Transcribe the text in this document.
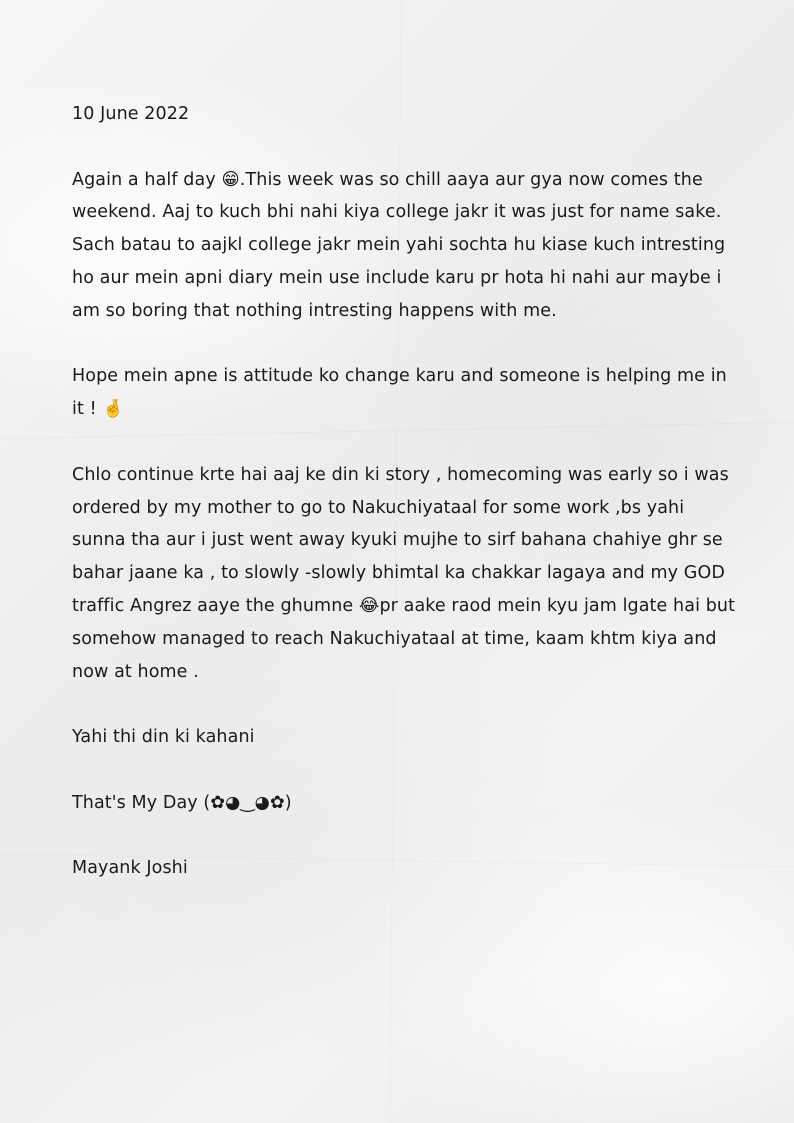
10 June 2022

Again a half day 😁.This week was so chill aaya aur gya now comes the weekend. Aaj to kuch bhi nahi kiya college jakr it was just for name sake. Sach batau to aajkl college jakr mein yahi sochta hu kiase kuch intresting ho aur mein apni diary mein use include karu pr hota hi nahi aur maybe i am so boring that nothing intresting happens with me.

Hope mein apne is attitude ko change karu and someone is helping me in it ! 🤞

Chlo continue krte hai aaj ke din ki story , homecoming was early so i was ordered by my mother to go to Nakuchiyataal for some work ,bs yahi sunna tha aur i just went away kyuki mujhe to sirf bahana chahiye ghr se bahar jaane ka , to slowly -slowly bhimtal ka chakkar lagaya and my GOD traffic Angrez aaye the ghumne 😂pr aake raod mein kyu jam lgate hai but somehow managed to reach Nakuchiyataal at time, kaam khtm kiya and now at home .

Yahi thi din ki kahani

That's My Day (✿◕‿◕✿)

Mayank Joshi
